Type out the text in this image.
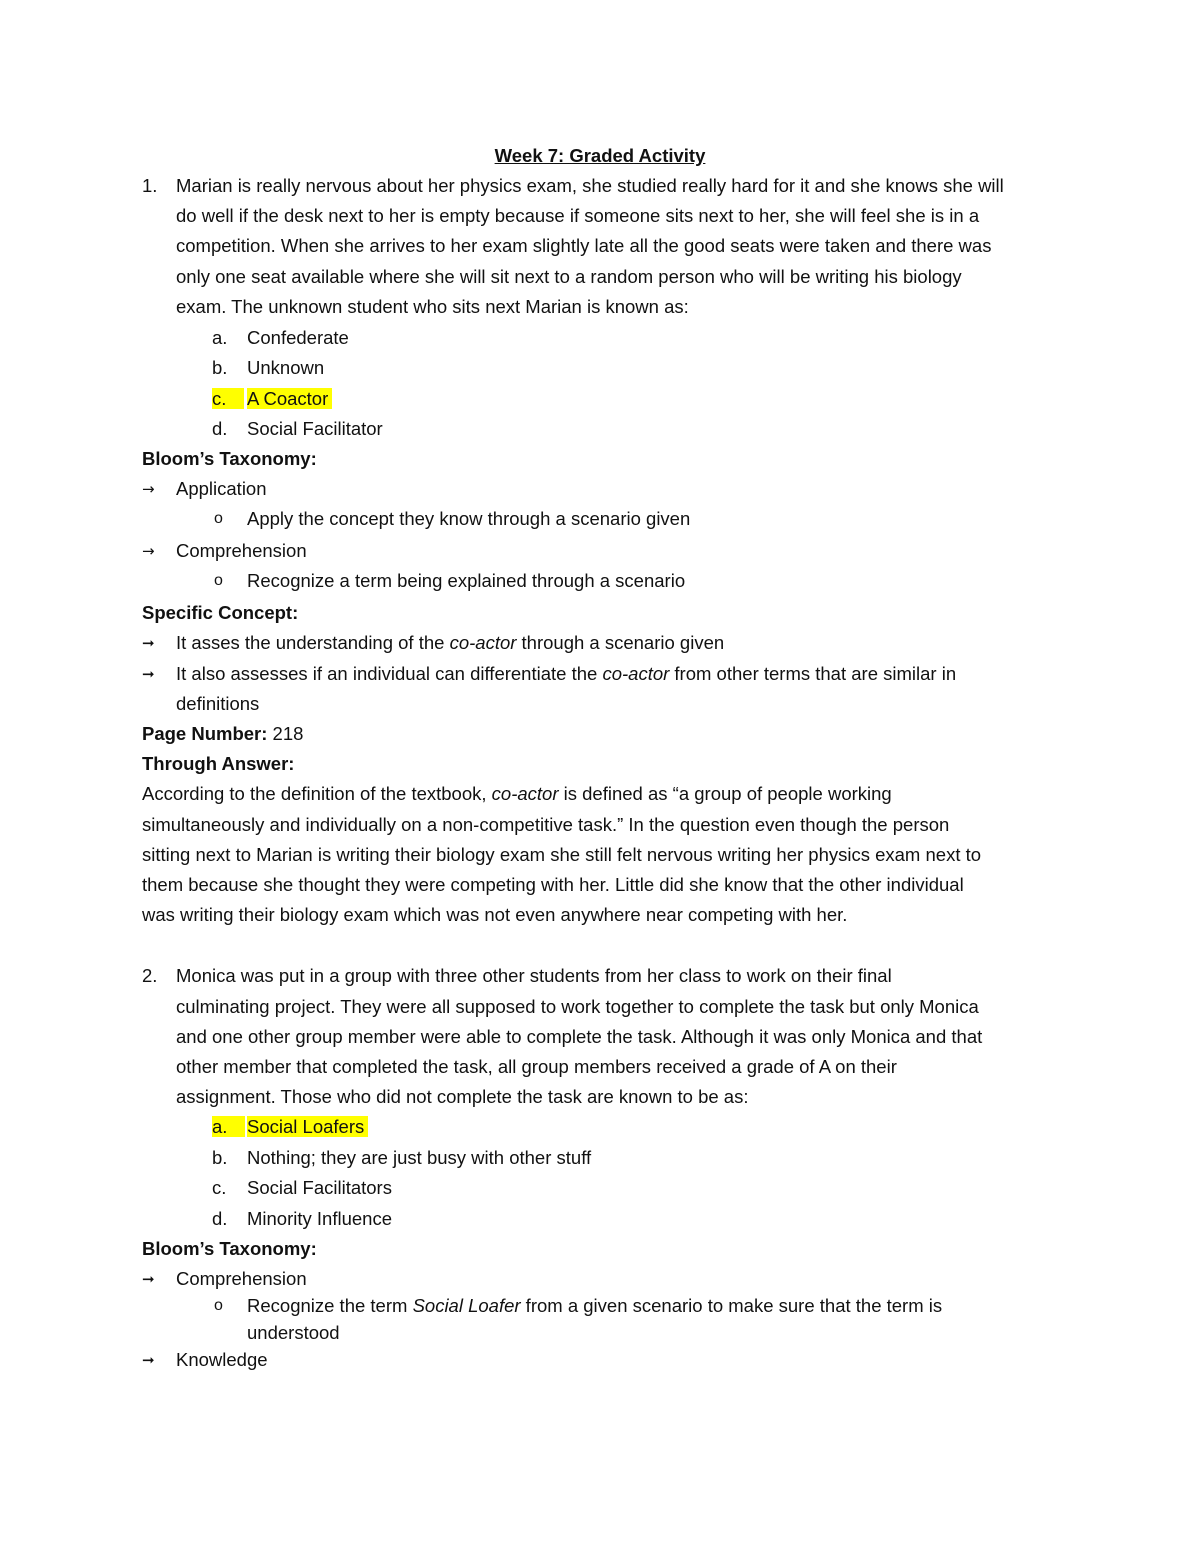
Week 7: Graded Activity
1. Marian is really nervous about her physics exam, she studied really hard for it and she knows she will
do well if the desk next to her is empty because if someone sits next to her, she will feel she is in a
competition. When she arrives to her exam slightly late all the good seats were taken and there was
only one seat available where she will sit next to a random person who will be writing his biology
exam. The unknown student who sits next Marian is known as:
a. Confederate
b. Unknown
c.	A Coactor
d. Social Facilitator
Bloom’s Taxonomy:
→ Application
o Apply the concept they know through a scenario given
→ Comprehension
o Recognize a term being explained through a scenario
Specific Concept:
➞ It asses the understanding of the co-actor through a scenario given
➞ It also assesses if an individual can differentiate the co-actor from other terms that are similar in
definitions
Page Number: 218
Through Answer:
According to the definition of the textbook, co-actor is defined as “a group of people working
simultaneously and individually on a non-competitive task.” In the question even though the person
sitting next to Marian is writing their biology exam she still felt nervous writing her physics exam next to
them because she thought they were competing with her. Little did she know that the other individual
was writing their biology exam which was not even anywhere near competing with her.
2. Monica was put in a group with three other students from her class to work on their final
culminating project. They were all supposed to work together to complete the task but only Monica
and one other group member were able to complete the task. Although it was only Monica and that
other member that completed the task, all group members received a grade of A on their
assignment. Those who did not complete the task are known to be as:
a.	Social Loafers
b. Nothing; they are just busy with other stuff
c. Social Facilitators
d. Minority Influence
Bloom’s Taxonomy:
➞ Comprehension
o Recognize the term Social Loafer from a given scenario to make sure that the term is
understood
➞ Knowledge
